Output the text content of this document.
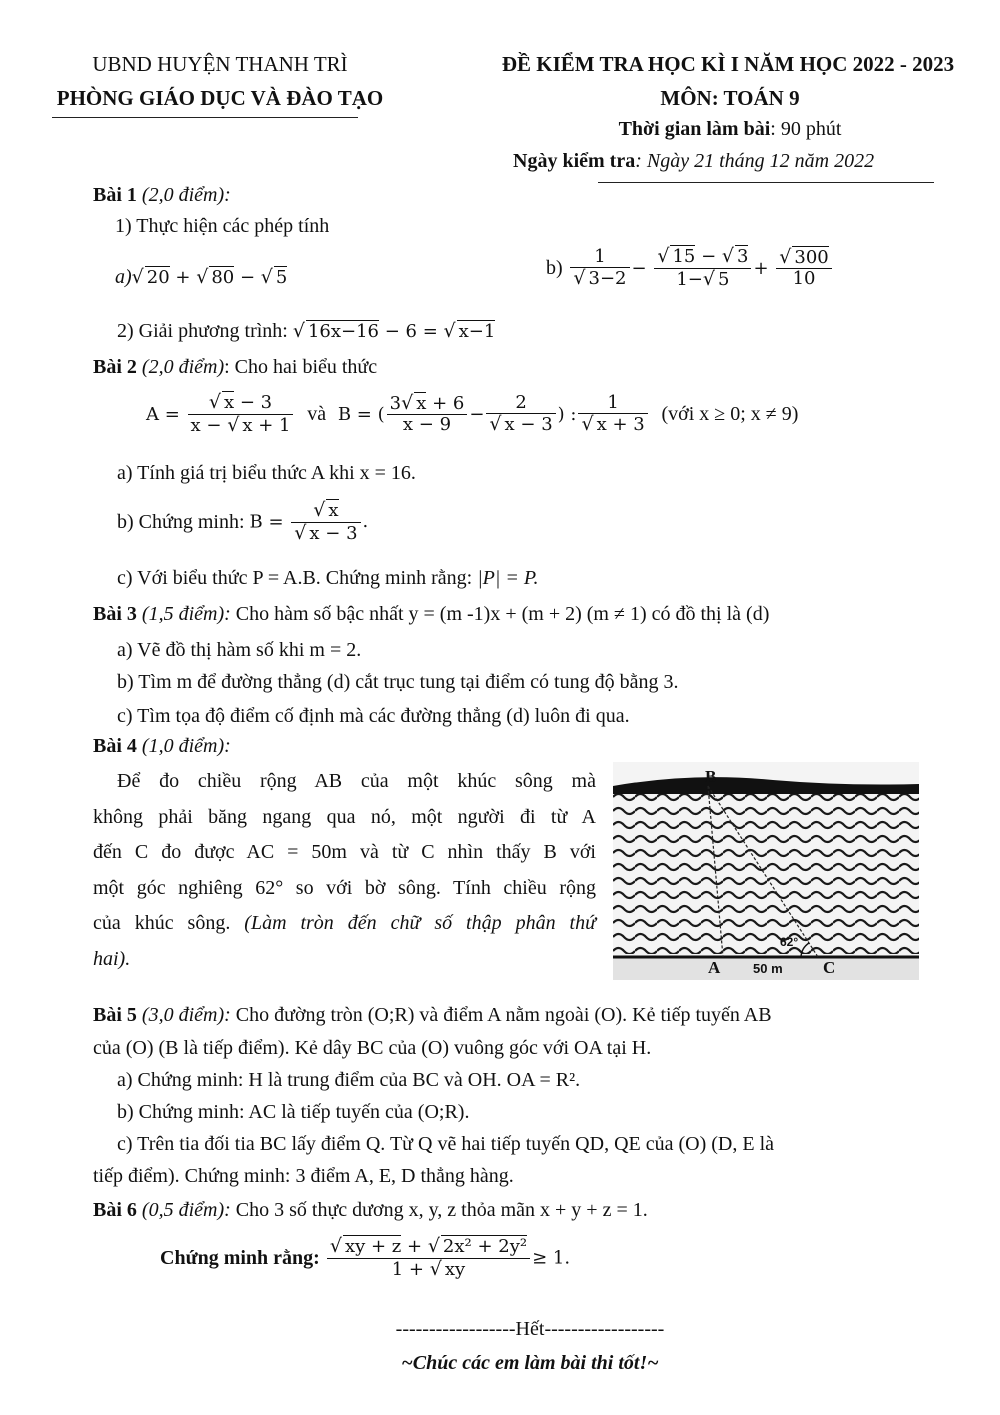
UBND HUYỆN THANH TRÌ
PHÒNG GIÁO DỤC VÀ ĐÀO TẠO
ĐỀ KIỂM TRA HỌC KÌ I NĂM HỌC 2022 - 2023
MÔN: TOÁN 9
Thời gian làm bài: 90 phút
Ngày kiểm tra: Ngày 21 tháng 12 năm 2022
Bài 1 (2,0 điểm):
1) Thực hiện các phép tính
a)√ 20 + √ 80 − √ 5	$b) \frac{1}{√ 3-2} - \frac{√ 15 - √ 3}{1-√ 5} + \frac{√ 300}{10}$
2) Giải phương trình: √ 16x−16 − 6 = √ x−1
Bài 2 (2,0 điểm): Cho hai biểu thức
$A = \frac{√ x - 3}{x - √ x + 1}$ và B = ( $\frac{3√ x + 6}{x - 9} - \frac{2}{√ x - 3}$ ) : $\frac{1}{√ x + 3}$ (với x ≥ 0; x ≠ 9)
a) Tính giá trị biểu thức A khi x = 16.
b) Chứng minh: $B = \frac{√ x}{√ x - 3}$ .
c) Với biểu thức P = A.B. Chứng minh rằng: |P| = P.
Bài 3 (1,5 điểm): Cho hàm số bậc nhất y = (m -1)x + (m + 2) (m ≠ 1) có đồ thị là (d)
a) Vẽ đồ thị hàm số khi m = 2.
b) Tìm m để đường thẳng (d) cắt trục tung tại điểm có tung độ bằng 3.
c) Tìm tọa độ điểm cố định mà các đường thẳng (d) luôn đi qua.
Bài 4 (1,0 điểm):
Để đo chiều rộng AB của một khúc sông mà
không phải băng ngang qua nó, một người đi từ A
đến C đo được AC = 50m và từ C nhìn thấy B với
một góc nghiêng 62° so với bờ sông. Tính chiều rộng
của khúc sông. (Làm tròn đến chữ số thập phân thứ
hai).
B
A	50 m C
62°
Bài 5 (3,0 điểm): Cho đường tròn (O;R) và điểm A nằm ngoài (O). Kẻ tiếp tuyến AB
của (O) (B là tiếp điểm). Kẻ dây BC của (O) vuông góc với OA tại H.
a) Chứng minh: H là trung điểm của BC và OH. OA = R².
b) Chứng minh: AC là tiếp tuyến của (O;R).
c) Trên tia đối tia BC lấy điểm Q. Từ Q vẽ hai tiếp tuyến QD, QE của (O) (D, E là
tiếp điểm). Chứng minh: 3 điểm A, E, D thẳng hàng.
Bài 6 (0,5 điểm): Cho 3 số thực dương x, y, z thỏa mãn x + y + z = 1.
Chứng minh rằng: $\frac{\text{√ xy + z + √ 2x² + 2y²}}{1 + √ xy} \ge 1$.
------------------Hết------------------
~Chúc các em làm bài thi tốt!~
